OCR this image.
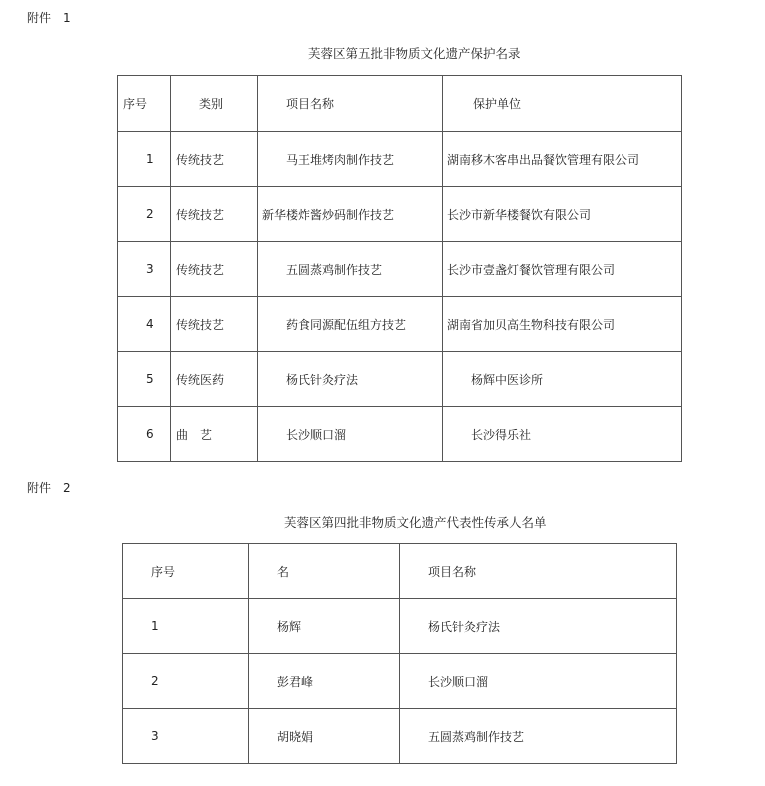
附件　1
芙蓉区第五批非物质文化遗产保护名录
序号	类别	项目名称	保护单位
1	传统技艺	马王堆烤肉制作技艺	湖南移木客串出品餐饮管理有限公司
2	传统技艺	新华楼炸酱炒码制作技艺	长沙市新华楼餐饮有限公司
3	传统技艺	五圆蒸鸡制作技艺	长沙市壹盏灯餐饮管理有限公司
4	传统技艺	药食同源配伍组方技艺	湖南省加贝高生物科技有限公司
5	传统医药	杨氏针灸疗法	杨辉中医诊所
6	曲　艺	长沙顺口溜	长沙得乐社
附件　2
芙蓉区第四批非物质文化遗产代表性传承人名单
序号	名	项目名称
1	杨辉	杨氏针灸疗法
2	彭君峰	长沙顺口溜
3	胡晓娟	五圆蒸鸡制作技艺
